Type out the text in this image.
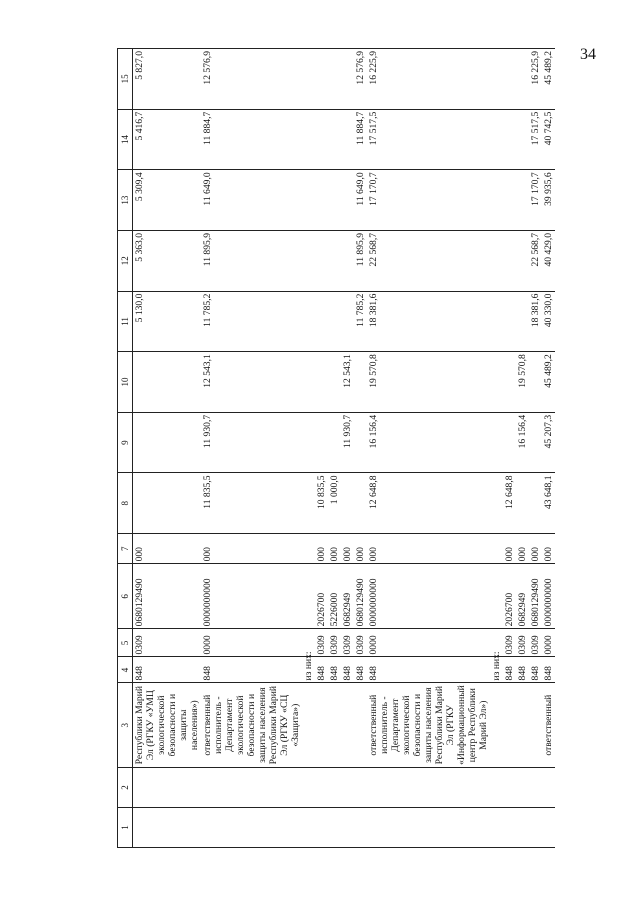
34
1	2	3	4	5	6	7	8	9	10	11	12	13	14	15
		Республики Марий Эл (РГКУ «УМЦ экологической безопасности и защиты населения»)	848	0309	0680129490	000				5 130,0	5 363,0	5 309,4	5 416,7	5 827,0
		ответственный исполнитель - Департамент экологической безопасности и защиты населения Республики Марий Эл (РГКУ «СЦ «Защита»)	848	0000	0000000000	000	11 835,5	11 930,7	12 543,1	11 785,2	11 895,9	11 649,0	11 884,7	12 576,9
			из них:											
			848	0309	2026700	000	10 835,5							
			848	0309	5226000	000	1 000,0							
			848	0309	0682949	000		11 930,7	12 543,1					
			848	0309	0680129490	000				11 785,2	11 895,9	11 649,0	11 884,7	12 576,9
		ответственный исполнитель - Департамент экологической безопасности и защиты населения Республики Марий Эл (РГКУ «Информационный центр Республики Марий Эл»)	848	0000	0000000000	000	12 648,8	16 156,4	19 570,8	18 381,6	22 568,7	17 170,7	17 517,5	16 225,9
			из них:											
			848	0309	2026700	000	12 648,8							
			848	0309	0682949	000		16 156,4	19 570,8					
			848	0309	0680129490	000				18 381,6	22 568,7	17 170,7	17 517,5	16 225,9
		ответственный	848	0000	0000000000	000	43 648,1	45 207,3	45 489,2	40 330,0	40 429,0	39 935,6	40 742,5	45 489,2
